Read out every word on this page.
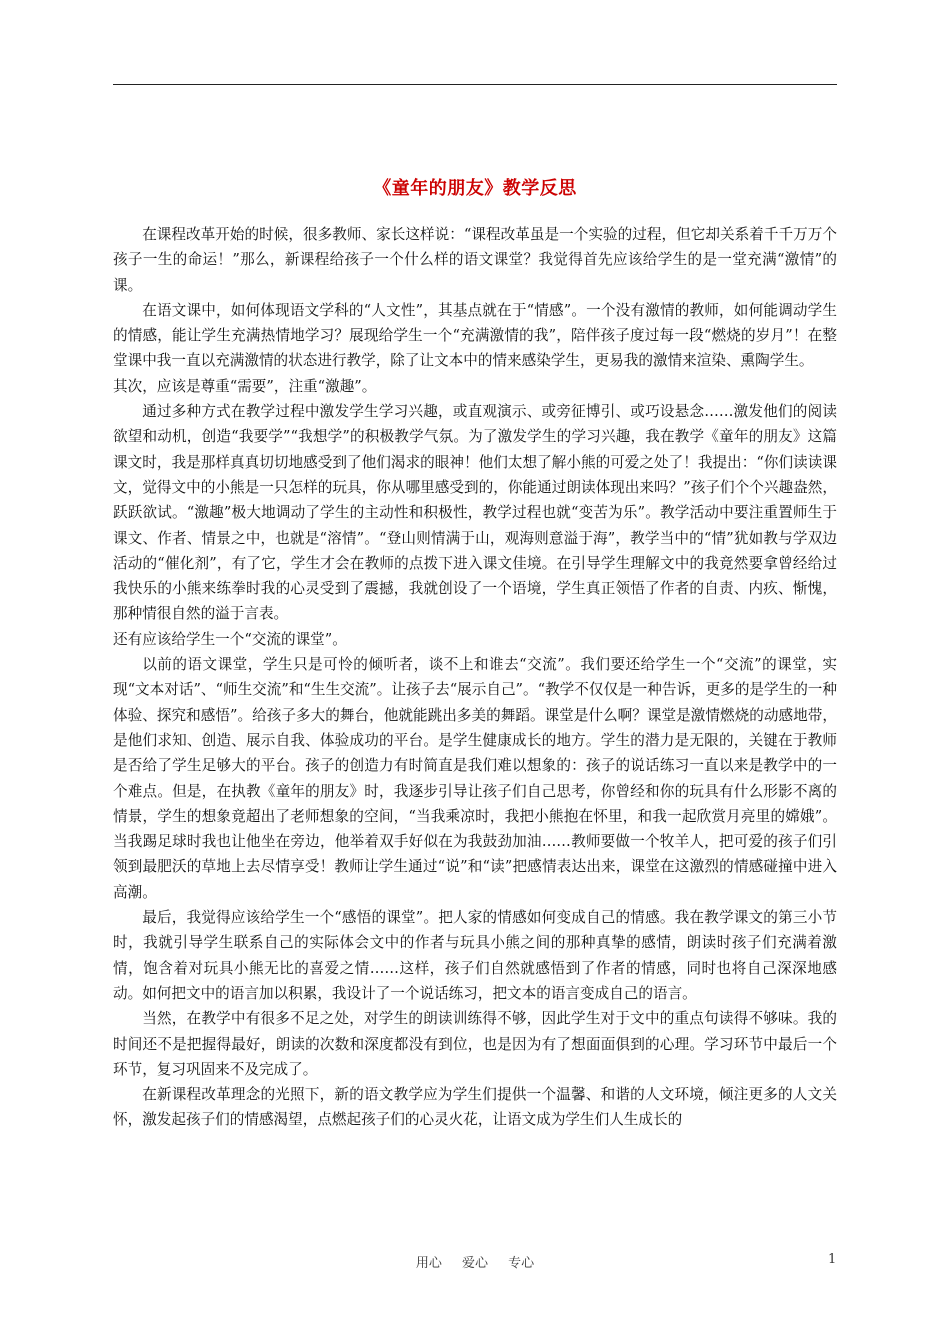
《童年的朋友》教学反思

在课程改革开始的时候，很多教师、家长这样说：“课程改革虽是一个实验的过程，但它却关系着千千万万个孩子一生的命运！”那么，新课程给孩子一个什么样的语文课堂？我觉得首先应该给学生的是一堂充满“激情”的课。

在语文课中，如何体现语文学科的“人文性”，其基点就在于“情感”。一个没有激情的教师，如何能调动学生的情感，能让学生充满热情地学习？展现给学生一个“充满激情的我”，陪伴孩子度过每一段“燃烧的岁月”！在整堂课中我一直以充满激情的状态进行教学，除了让文本中的情来感染学生，更易我的激情来渲染、熏陶学生。

其次，应该是尊重“需要”，注重“激趣”。

通过多种方式在教学过程中激发学生学习兴趣，或直观演示、或旁征博引、或巧设悬念……激发他们的阅读欲望和动机，创造“我要学”“我想学”的积极教学气氛。为了激发学生的学习兴趣，我在教学《童年的朋友》这篇课文时，我是那样真真切切地感受到了他们渴求的眼神！他们太想了解小熊的可爱之处了！我提出：“你们读读课文，觉得文中的小熊是一只怎样的玩具，你从哪里感受到的，你能通过朗读体现出来吗？”孩子们个个兴趣盎然，跃跃欲试。“激趣”极大地调动了学生的主动性和积极性，教学过程也就“变苦为乐”。教学活动中要注重置师生于课文、作者、情景之中，也就是“溶情”。“登山则情满于山，观海则意溢于海”，教学当中的“情”犹如教与学双边活动的“催化剂”，有了它，学生才会在教师的点拨下进入课文佳境。在引导学生理解文中的我竟然要拿曾经给过我快乐的小熊来练拳时我的心灵受到了震撼，我就创设了一个语境，学生真正领悟了作者的自责、内疚、惭愧，那种情很自然的溢于言表。

还有应该给学生一个“交流的课堂”。

以前的语文课堂，学生只是可怜的倾听者，谈不上和谁去“交流”。我们要还给学生一个“交流”的课堂，实现“文本对话”、“师生交流”和“生生交流”。让孩子去“展示自己”。“教学不仅仅是一种告诉，更多的是学生的一种体验、探究和感悟”。给孩子多大的舞台，他就能跳出多美的舞蹈。课堂是什么啊？课堂是激情燃烧的动感地带，是他们求知、创造、展示自我、体验成功的平台。是学生健康成长的地方。学生的潜力是无限的，关键在于教师是否给了学生足够大的平台。孩子的创造力有时简直是我们难以想象的：孩子的说话练习一直以来是教学中的一个难点。但是，在执教《童年的朋友》时，我逐步引导让孩子们自己思考，你曾经和你的玩具有什么形影不离的情景，学生的想象竟超出了老师想象的空间，“当我乘凉时，我把小熊抱在怀里，和我一起欣赏月亮里的嫦娥”。当我踢足球时我也让他坐在旁边，他举着双手好似在为我鼓劲加油……教师要做一个牧羊人，把可爱的孩子们引领到最肥沃的草地上去尽情享受！教师让学生通过“说”和“读”把感情表达出来，课堂在这激烈的情感碰撞中进入高潮。

最后，我觉得应该给学生一个“感悟的课堂”。把人家的情感如何变成自己的情感。我在教学课文的第三小节时，我就引导学生联系自己的实际体会文中的作者与玩具小熊之间的那种真挚的感情，朗读时孩子们充满着激情，饱含着对玩具小熊无比的喜爱之情……这样，孩子们自然就感悟到了作者的情感，同时也将自己深深地感动。如何把文中的语言加以积累，我设计了一个说话练习，把文本的语言变成自己的语言。

当然，在教学中有很多不足之处，对学生的朗读训练得不够，因此学生对于文中的重点句读得不够味。我的时间还不是把握得最好，朗读的次数和深度都没有到位，也是因为有了想面面俱到的心理。学习环节中最后一个环节，复习巩固来不及完成了。

在新课程改革理念的光照下，新的语文教学应为学生们提供一个温馨、和谐的人文环境，倾注更多的人文关怀，激发起孩子们的情感渴望，点燃起孩子们的心灵火花，让语文成为学生们人生成长的

用心 爱心 专心	1
